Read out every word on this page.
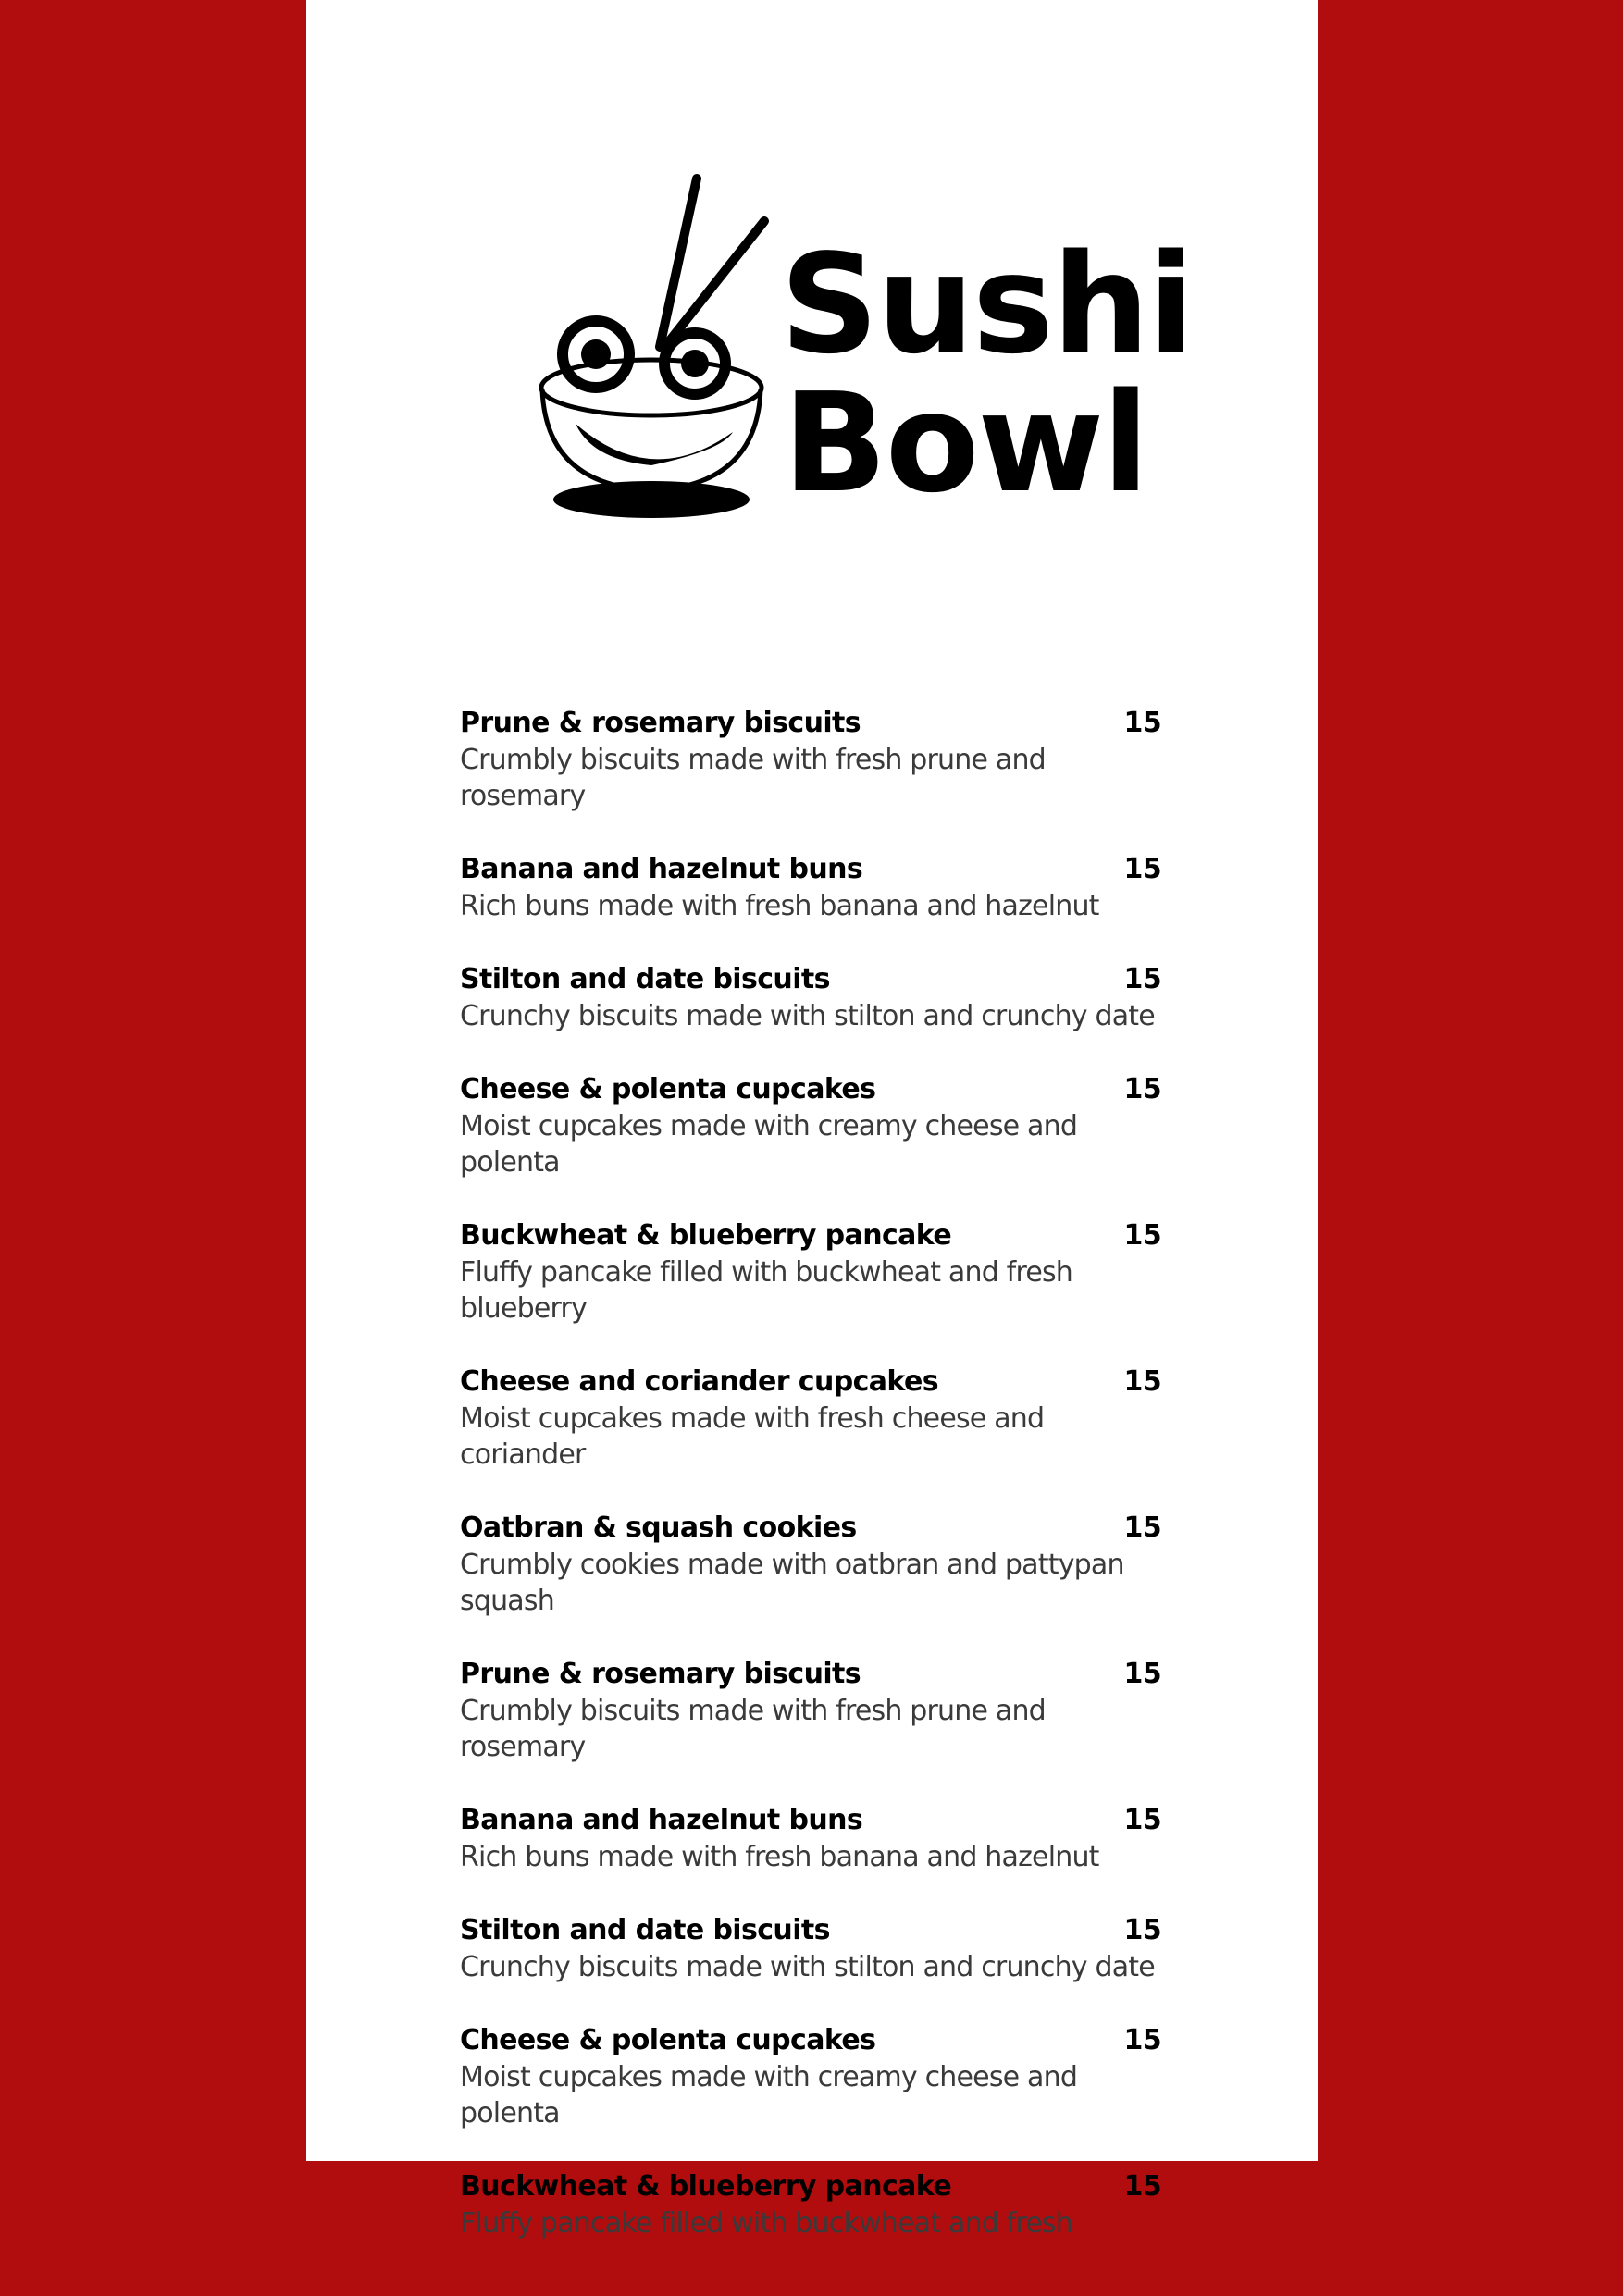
Sushi
Bowl
Prune & rosemary biscuits	15
Crumbly biscuits made with fresh prune and rosemary
Banana and hazelnut buns	15
Rich buns made with fresh banana and hazelnut
Stilton and date biscuits	15
Crunchy biscuits made with stilton and crunchy date
Cheese & polenta cupcakes	15
Moist cupcakes made with creamy cheese and polenta
Buckwheat & blueberry pancake	15
Fluffy pancake filled with buckwheat and fresh blueberry
Cheese and coriander cupcakes	15
Moist cupcakes made with fresh cheese and coriander
Oatbran & squash cookies	15
Crumbly cookies made with oatbran and pattypan squash
Prune & rosemary biscuits	15
Crumbly biscuits made with fresh prune and rosemary
Banana and hazelnut buns	15
Rich buns made with fresh banana and hazelnut
Stilton and date biscuits	15
Crunchy biscuits made with stilton and crunchy date
Cheese & polenta cupcakes	15
Moist cupcakes made with creamy cheese and polenta
Buckwheat & blueberry pancake	15
Fluffy pancake filled with buckwheat and fresh
